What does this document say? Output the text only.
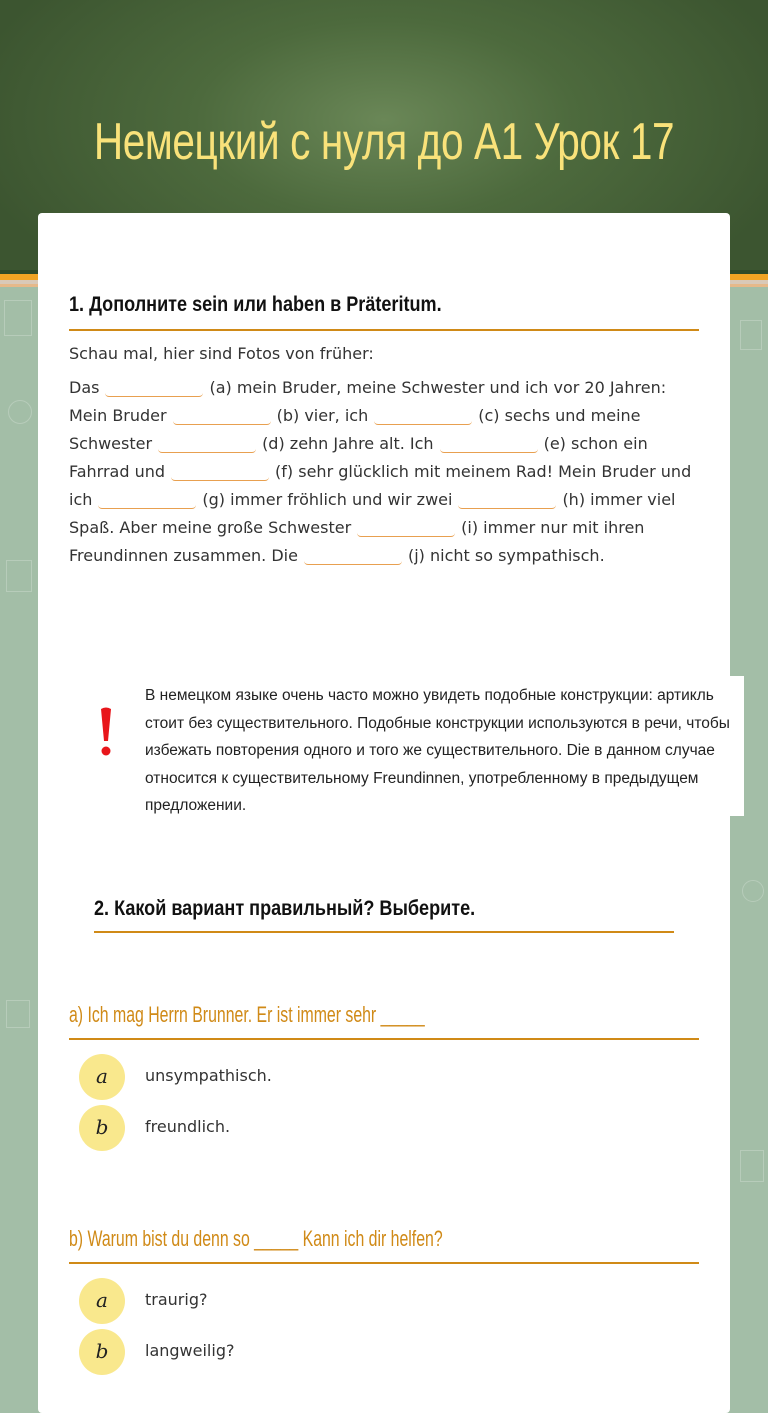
Немецкий с нуля до А1 Урок 17
1. Дополните sein или haben в Präteritum.
Schau mal, hier sind Fotos von früher:
Das	(a) mein Bruder, meine Schwester und ich vor 20 Jahren: Mein Bruder	(b) vier, ich	(c) sechs und meine Schwester	(d) zehn Jahre alt. Ich	(e) schon ein Fahrrad und	(f) sehr glücklich mit meinem Rad! Mein Bruder und ich	(g) immer fröhlich und wir zwei	(h) immer viel Spaß. Aber meine große Schwester	(i) immer nur mit ihren Freundinnen zusammen. Die	(j) nicht so sympathisch.
В немецком языке очень часто можно увидеть подобные конструкции: артикль стоит без существительного. Подобные конструкции используются в речи, чтобы избежать повторения одного и того же существительного. Die в данном случае относится к существительному Freundinnen, употребленному в предыдущем предложении.
2. Какой вариант правильный? Выберите.
a) Ich mag Herrn Brunner. Er ist immer sehr _____
a	unsympathisch.
b	freundlich.
b) Warum bist du denn so _____ Kann ich dir helfen?
a	traurig?
b	langweilig?
